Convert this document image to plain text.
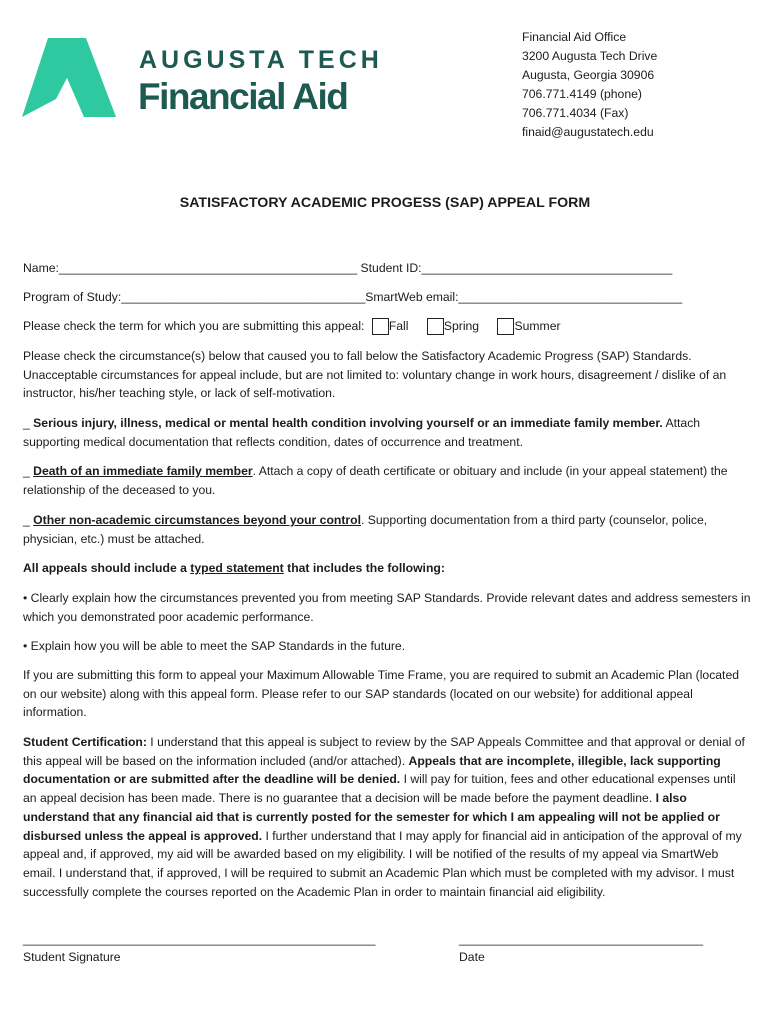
AUGUSTA TECH
Financial Aid
Financial Aid Office
3200 Augusta Tech Drive
Augusta, Georgia 30906
706.771.4149 (phone)
706.771.4034 (Fax)
finaid@augustatech.edu
SATISFACTORY ACADEMIC PROGESS (SAP) APPEAL FORM
Name:____________________________________________ Student ID:_____________________________________
Program of Study:____________________________________SmartWeb email:_________________________________
Please check the term for which you are submitting this appeal: Fall	Spring	Summer
Please check the circumstance(s) below that caused you to fall below the Satisfactory Academic Progress (SAP) Standards. Unacceptable circumstances for appeal include, but are not limited to: voluntary change in work hours, disagreement / dislike of an instructor, his/her teaching style, or lack of self-motivation.
_ Serious injury, illness, medical or mental health condition involving yourself or an immediate family member. Attach supporting medical documentation that reflects condition, dates of occurrence and treatment.
_ Death of an immediate family member. Attach a copy of death certificate or obituary and include (in your appeal statement) the relationship of the deceased to you.
_ Other non-academic circumstances beyond your control. Supporting documentation from a third party (counselor, police, physician, etc.) must be attached.
All appeals should include a typed statement that includes the following:
• Clearly explain how the circumstances prevented you from meeting SAP Standards. Provide relevant dates and address semesters in which you demonstrated poor academic performance.
• Explain how you will be able to meet the SAP Standards in the future.
If you are submitting this form to appeal your Maximum Allowable Time Frame, you are required to submit an Academic Plan (located on our website) along with this appeal form. Please refer to our SAP standards (located on our website) for additional appeal information.
Student Certification: I understand that this appeal is subject to review by the SAP Appeals Committee and that approval or denial of this appeal will be based on the information included (and/or attached). Appeals that are incomplete, illegible, lack supporting documentation or are submitted after the deadline will be denied. I will pay for tuition, fees and other educational expenses until an appeal decision has been made. There is no guarantee that a decision will be made before the payment deadline. I also understand that any financial aid that is currently posted for the semester for which I am appealing will not be applied or disbursed unless the appeal is approved. I further understand that I may apply for financial aid in anticipation of the approval of my appeal and, if approved, my aid will be awarded based on my eligibility. I will be notified of the results of my appeal via SmartWeb email. I understand that, if approved, I will be required to submit an Academic Plan which must be completed with my advisor. I must successfully complete the courses reported on the Academic Plan in order to maintain financial aid eligibility.
____________________________________________________
Student Signature
____________________________________
Date
